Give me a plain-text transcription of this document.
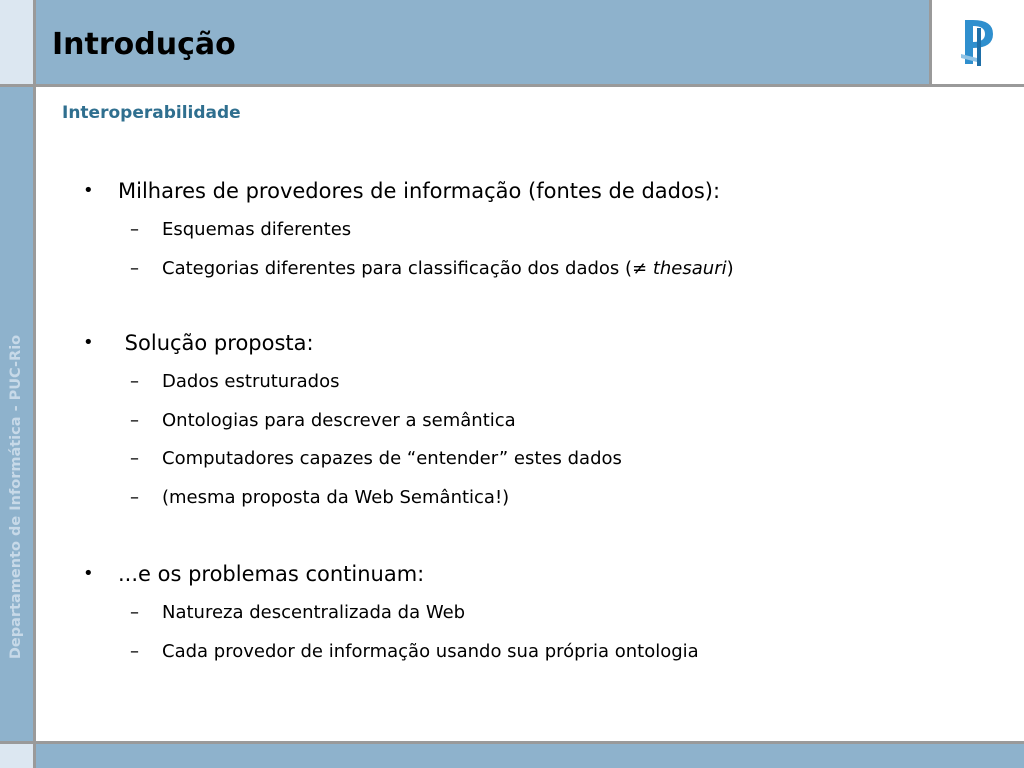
Introdução
Departamento de Informática - PUC-Rio
Interoperabilidade
• Milhares de provedores de informação (fontes de dados):
– Esquemas diferentes
– Categorias diferentes para classificação dos dados (≠ thesauri)
• Solução proposta:
– Dados estruturados
– Ontologias para descrever a semântica
– Computadores capazes de “entender” estes dados
– (mesma proposta da Web Semântica!)
• ...e os problemas continuam:
– Natureza descentralizada da Web
– Cada provedor de informação usando sua própria ontologia
